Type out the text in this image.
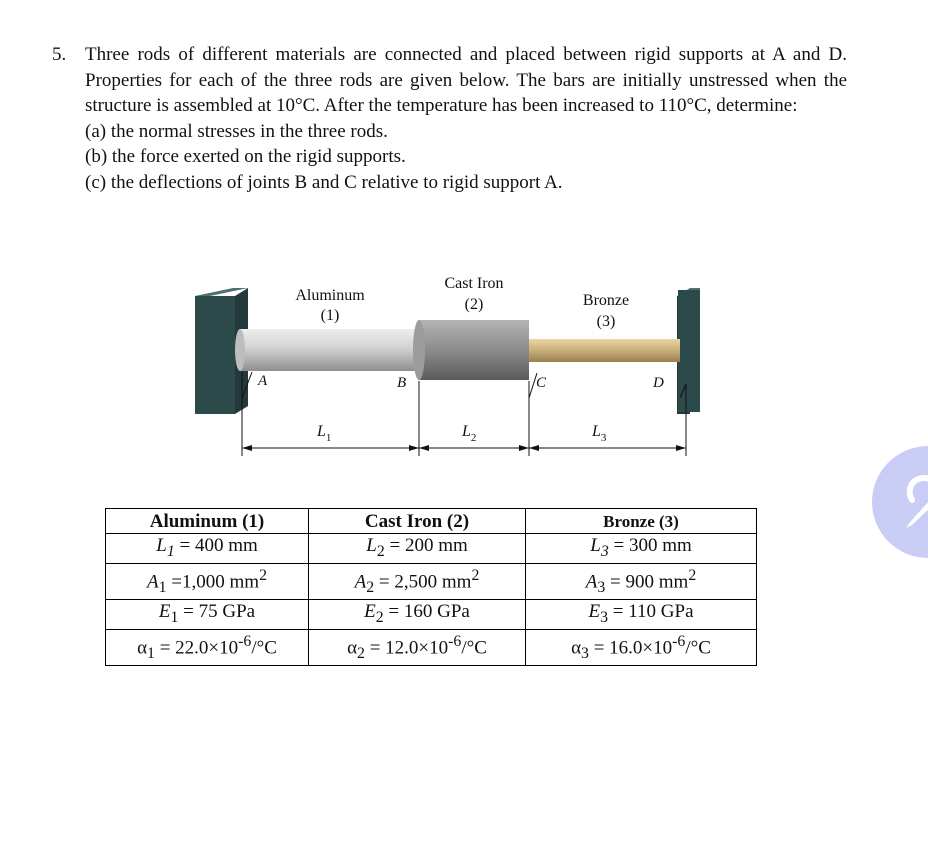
5. Three rods of different materials are connected and placed between rigid supports at A and D. Properties for each of the three rods are given below. The bars are initially unstressed when the structure is assembled at 10°C. After the temperature has been increased to 110°C, determine:
(a) the normal stresses in the three rods.
(b) the force exerted on the rigid supports.
(c) the deflections of joints B and C relative to rigid support A.
Aluminum
(1)
Cast Iron
(2)	Bronze
(3)
A	B	C	D
$L_1$	$L_2$	$L_3$
Aluminum (1)	Cast Iron (2)	Bronze (3)
$L_1 = 400$ mm	$L_2 = 200$ mm	$L_3 = 300$ mm
$A_1 =1,000$ $mm^2$	$A_2 = 2,500$ $mm^2$	$A_3 = 900$ $mm^2$
$E_1 = 75$ GPa	$E_2 = 160$ GPa	$E_3 = 110$ GPa
$\alpha_1 = 22.0\times 10^{-6}/^\circ C$	$\alpha_2 = 12.0\times 10^{-6}/^\circ C$	$\alpha_3 = 16.0\times 10^{-6}/^\circ C$
